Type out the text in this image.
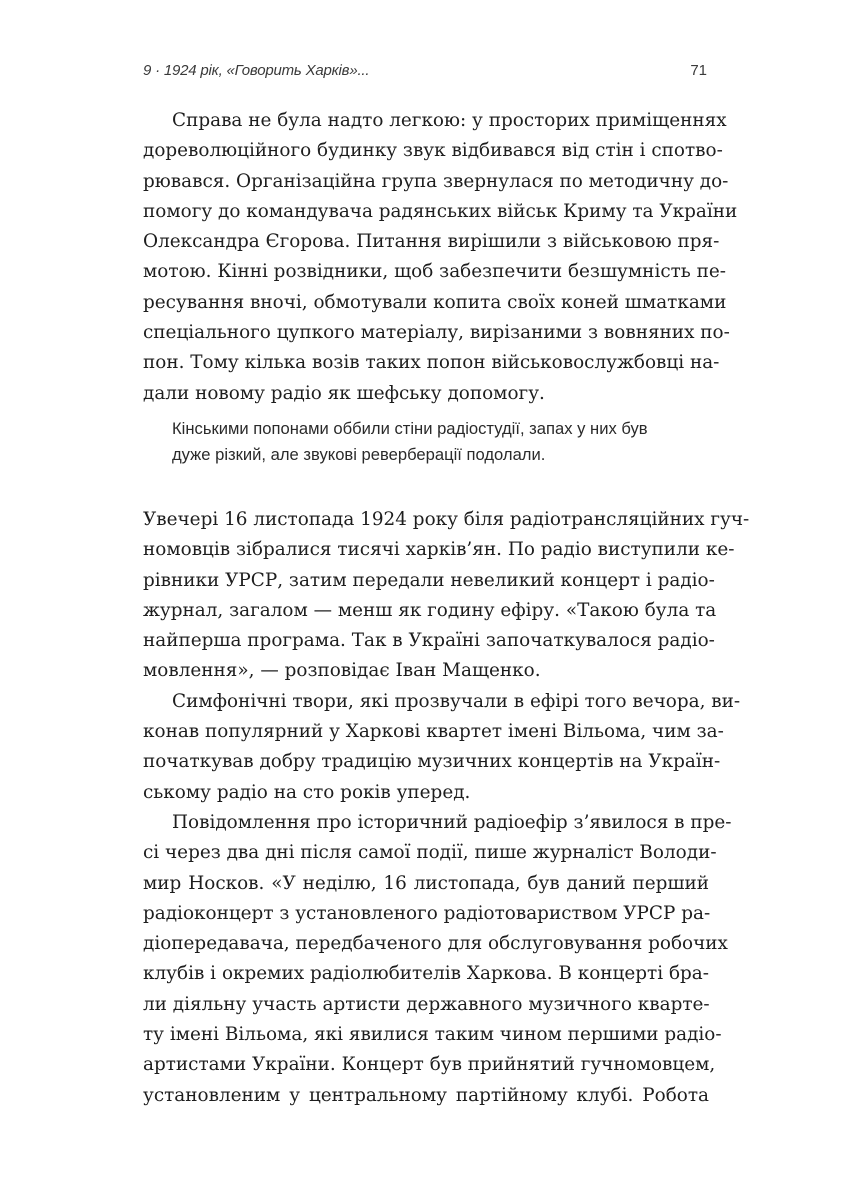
9 · 1924 рік, «Говорить Харків»...	71
Справа не була надто легкою: у просторих приміщеннях
дореволюційного будинку звук відбивався від стін і спотво-
рювався. Організаційна група звернулася по методичну до-
помогу до командувача радянських військ Криму та України
Олександра Єгорова. Питання вирішили з військовою пря-
мотою. Кінні розвідники, щоб забезпечити безшумність пе-
ресування вночі, обмотували копита своїх коней шматками
спеціального цупкого матеріалу, вирізаними з вовняних по-
пон. Тому кілька возів таких попон військовослужбовці на-
дали новому радіо як шефську допомогу.
Кінськими попонами оббили стіни радіостудії, запах у них був
дуже різкий, але звукові реверберації подолали.
Увечері 16 листопада 1924 року біля радіотрансляційних гуч-
номовців зібралися тисячі харків’ян. По радіо виступили ке-
рівники УРСР, затим передали невеликий концерт і радіо-
журнал, загалом — менш як годину ефіру. «Такою була та
найперша програма. Так в Україні започаткувалося радіо-
мовлення», — розповідає Іван Мащенко.
Симфонічні твори, які прозвучали в ефірі того вечора, ви-
конав популярний у Харкові квартет імені Вільома, чим за-
початкував добру традицію музичних концертів на Україн-
ському радіо на сто років уперед.
Повідомлення про історичний радіоефір з’явилося в пре-
сі через два дні після самої події, пише журналіст Володи-
мир Носков. «У неділю, 16 листопада, був даний перший
радіоконцерт з установленого радіотовариством УРСР ра-
діопередавача, передбаченого для обслуговування робочих
клубів і окремих радіолюбителів Харкова. В концерті бра-
ли діяльну участь артисти державного музичного кварте-
ту імені Вільома, які явилися таким чином першими радіо-
артистами України. Концерт був прийнятий гучномовцем,
установленим у центральному партійному клубі. Робота
